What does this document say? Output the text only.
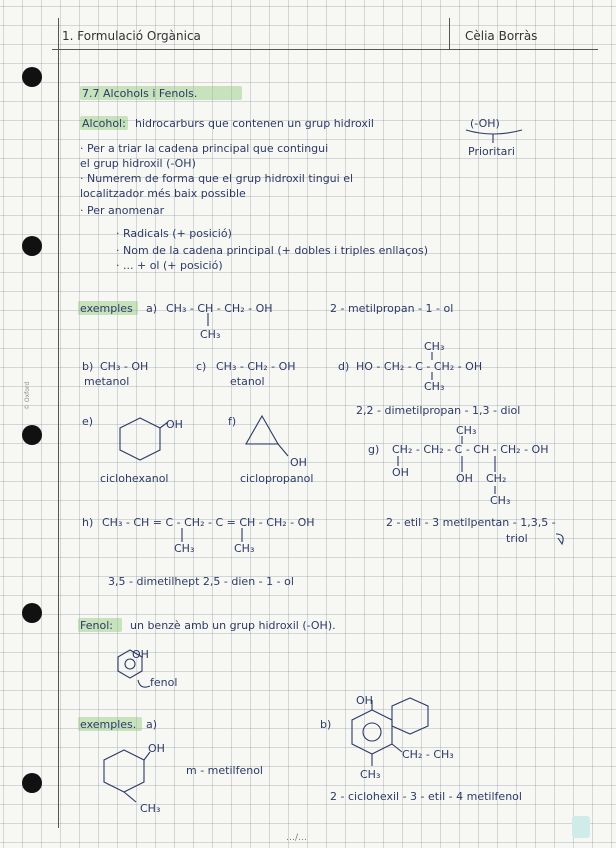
1. Formulació Orgànica	Cèlia Borràs
7.7 Alcohols i Fenols.
Alcohol: hidrocarburs que contenen un grup hidroxil	(-OH)
Prioritari
· Per a triar la cadena principal que contingui
el grup hidroxil (-OH)
· Numerem de forma que el grup hidroxil tingui el
localitzador més baix possible
· Per anomenar
· Radicals (+ posició)
· Nom de la cadena principal (+ dobles i triples enllaços)
· ... + ol (+ posició)
exemples a) CH₃ - CH - CH₂ - OH
CH₃
2 - metilpropan - 1 - ol
b) CH₃ - OH
metanol
c) CH₃ - CH₂ - OH
etanol
d) HO - CH₂ - C - CH₂ - OH
CH₃
CH₃
2,2 - dimetilpropan - 1,3 - diol
e)	OH
ciclohexanol
f)
OH
ciclopropanol
g) CH₂ - CH₂ - C - CH - CH₂ - OH
CH₃
OH	OH CH₂
CH₃
h) CH₃ - CH = C - CH₂ - C = CH - CH₂ - OH
CH₃	CH₃
2 - etil - 3 metilpentan - 1,3,5 -
triol
3,5 - dimetilhept 2,5 - dien - 1 - ol
Fenol: un benzè amb un grup hidroxil (-OH).
OH
fenol
exemples. a)
OH
CH₃
m - metilfenol
b)
OH
CH₂ - CH₃
CH₃
2 - ciclohexil - 3 - etil - 4 metilfenol
…/…
© Oxford
